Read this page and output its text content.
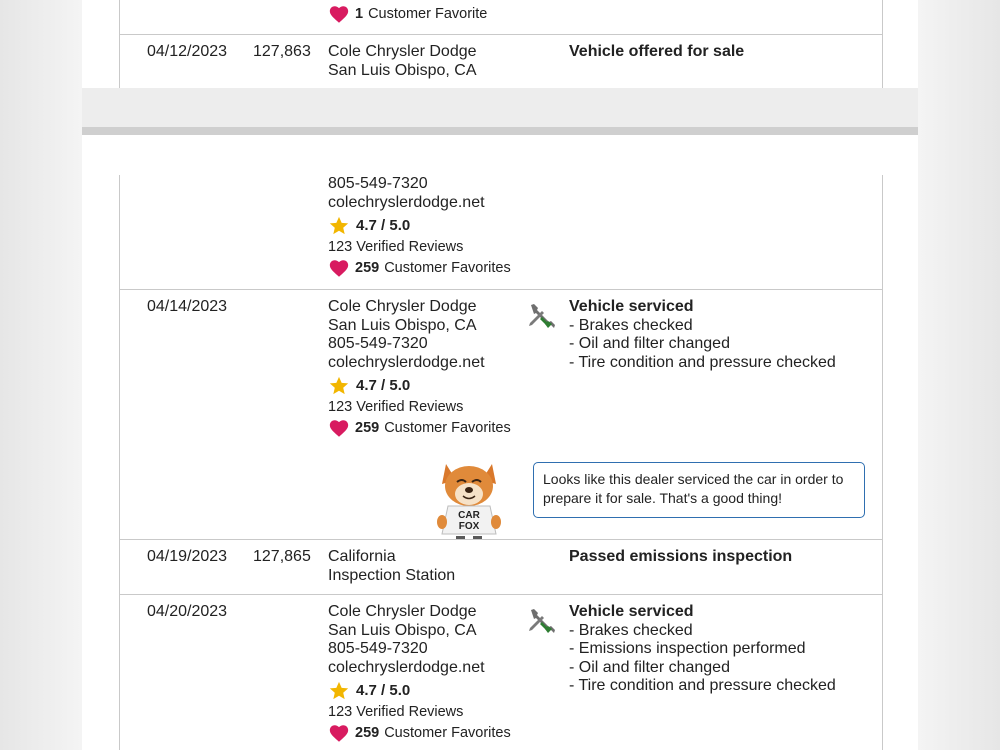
1 Customer Favorite
04/12/2023 127,863 Cole Chrysler Dodge
San Luis Obispo, CA
Vehicle offered for sale
805-549-7320
colechryslerdodge.net
4.7 / 5.0
123 Verified Reviews
259 Customer Favorites
04/14/2023	Cole Chrysler Dodge
San Luis Obispo, CA
805-549-7320
colechryslerdodge.net
4.7 / 5.0
123 Verified Reviews
259 Customer Favorites
Vehicle serviced
- Brakes checked
- Oil and filter changed
- Tire condition and pressure checked
CAR
FOX
Looks like this dealer serviced the car in order to prepare it for sale. That's a good thing!
04/19/2023 127,865 California
Inspection Station
Passed emissions inspection
04/20/2023	Cole Chrysler Dodge
San Luis Obispo, CA
805-549-7320
colechryslerdodge.net
4.7 / 5.0
123 Verified Reviews
259 Customer Favorites
Vehicle serviced
- Brakes checked
- Emissions inspection performed
- Oil and filter changed
- Tire condition and pressure checked
